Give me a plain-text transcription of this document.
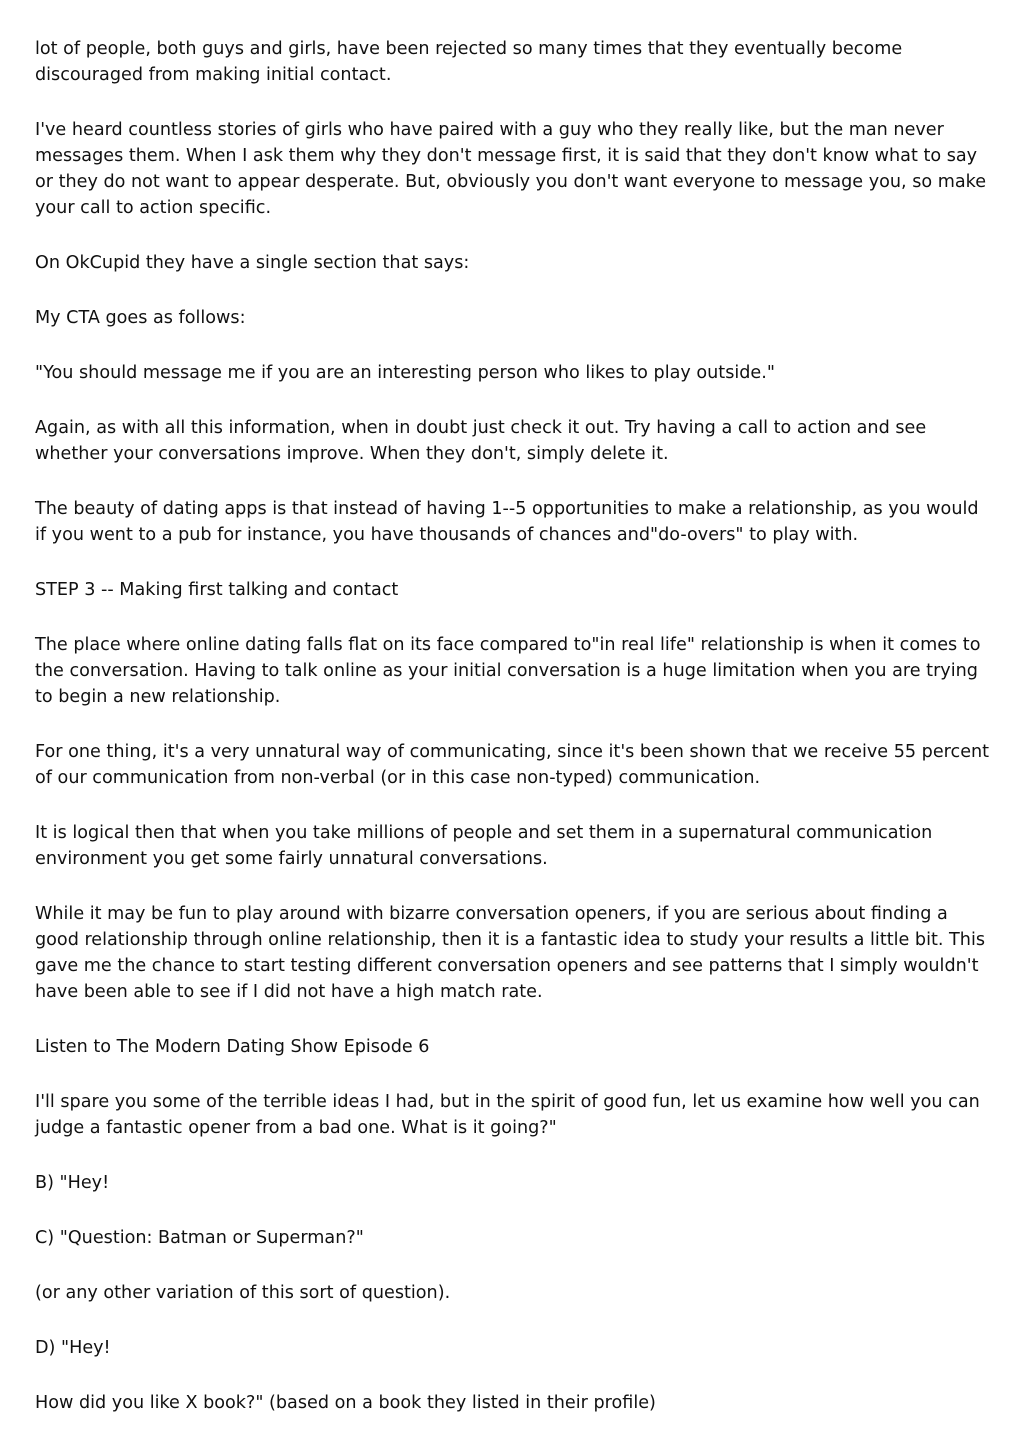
lot of people, both guys and girls, have been rejected so many times that they eventually become discouraged from making initial contact.

I've heard countless stories of girls who have paired with a guy who they really like, but the man never messages them. When I ask them why they don't message first, it is said that they don't know what to say or they do not want to appear desperate. But, obviously you don't want everyone to message you, so make your call to action specific.

On OkCupid they have a single section that says:

My CTA goes as follows:

"You should message me if you are an interesting person who likes to play outside."

Again, as with all this information, when in doubt just check it out. Try having a call to action and see whether your conversations improve. When they don't, simply delete it.

The beauty of dating apps is that instead of having 1--5 opportunities to make a relationship, as you would if you went to a pub for instance, you have thousands of chances and"do-overs" to play with.

STEP 3 -- Making first talking and contact

The place where online dating falls flat on its face compared to"in real life" relationship is when it comes to the conversation. Having to talk online as your initial conversation is a huge limitation when you are trying to begin a new relationship.

For one thing, it's a very unnatural way of communicating, since it's been shown that we receive 55 percent of our communication from non-verbal (or in this case non-typed) communication.

It is logical then that when you take millions of people and set them in a supernatural communication environment you get some fairly unnatural conversations.

While it may be fun to play around with bizarre conversation openers, if you are serious about finding a good relationship through online relationship, then it is a fantastic idea to study your results a little bit. This gave me the chance to start testing different conversation openers and see patterns that I simply wouldn't have been able to see if I did not have a high match rate.

Listen to The Modern Dating Show Episode 6

I'll spare you some of the terrible ideas I had, but in the spirit of good fun, let us examine how well you can judge a fantastic opener from a bad one. What is it going?"

B) "Hey!

C) "Question: Batman or Superman?"

(or any other variation of this sort of question).

D) "Hey!

How did you like X book?" (based on a book they listed in their profile)
